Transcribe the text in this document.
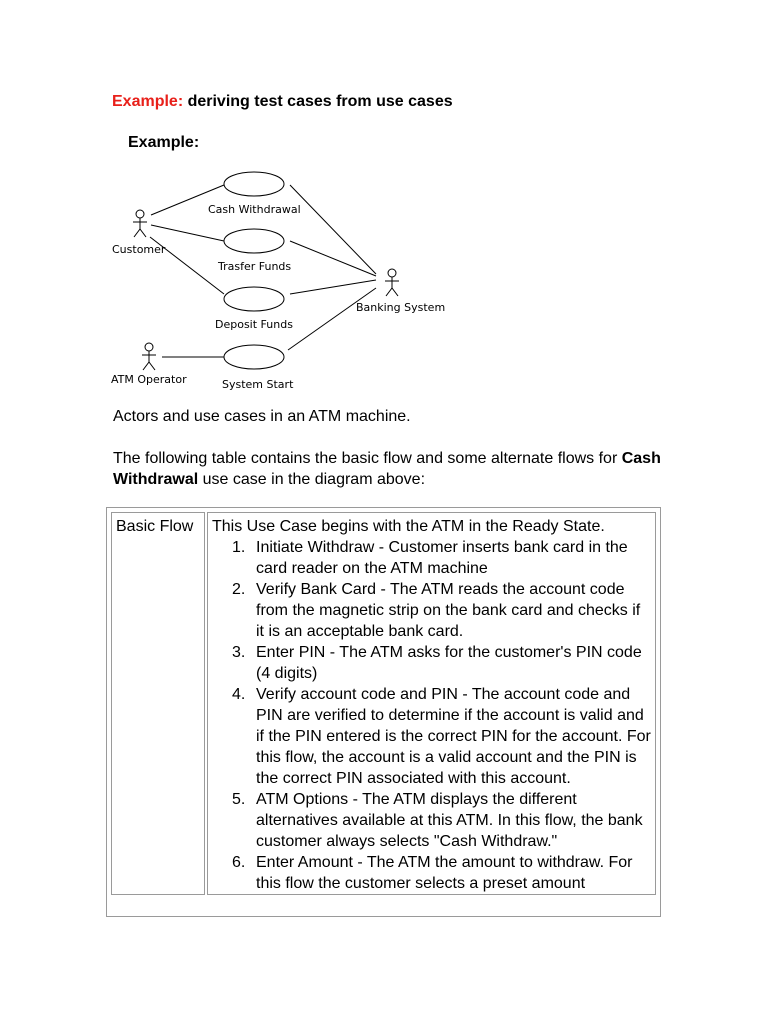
Example: deriving test cases from use cases
Example:
Cash Withdrawal
Trasfer Funds
Deposit Funds
System Start
Customer
Banking System
ATM Operator

Actors and use cases in an ATM machine.

The following table contains the basic flow and some alternate flows for Cash Withdrawal use case in the diagram above:

Basic Flow	This Use Case begins with the ATM in the Ready State.
1. Initiate Withdraw - Customer inserts bank card in the card reader on the ATM machine
2. Verify Bank Card - The ATM reads the account code from the magnetic strip on the bank card and checks if it is an acceptable bank card.
3. Enter PIN - The ATM asks for the customer's PIN code (4 digits)
4. Verify account code and PIN - The account code and PIN are verified to determine if the account is valid and if the PIN entered is the correct PIN for the account. For this flow, the account is a valid account and the PIN is the correct PIN associated with this account.
5. ATM Options - The ATM displays the different alternatives available at this ATM. In this flow, the bank customer always selects "Cash Withdraw."
6. Enter Amount - The ATM the amount to withdraw. For this flow the customer selects a preset amount
